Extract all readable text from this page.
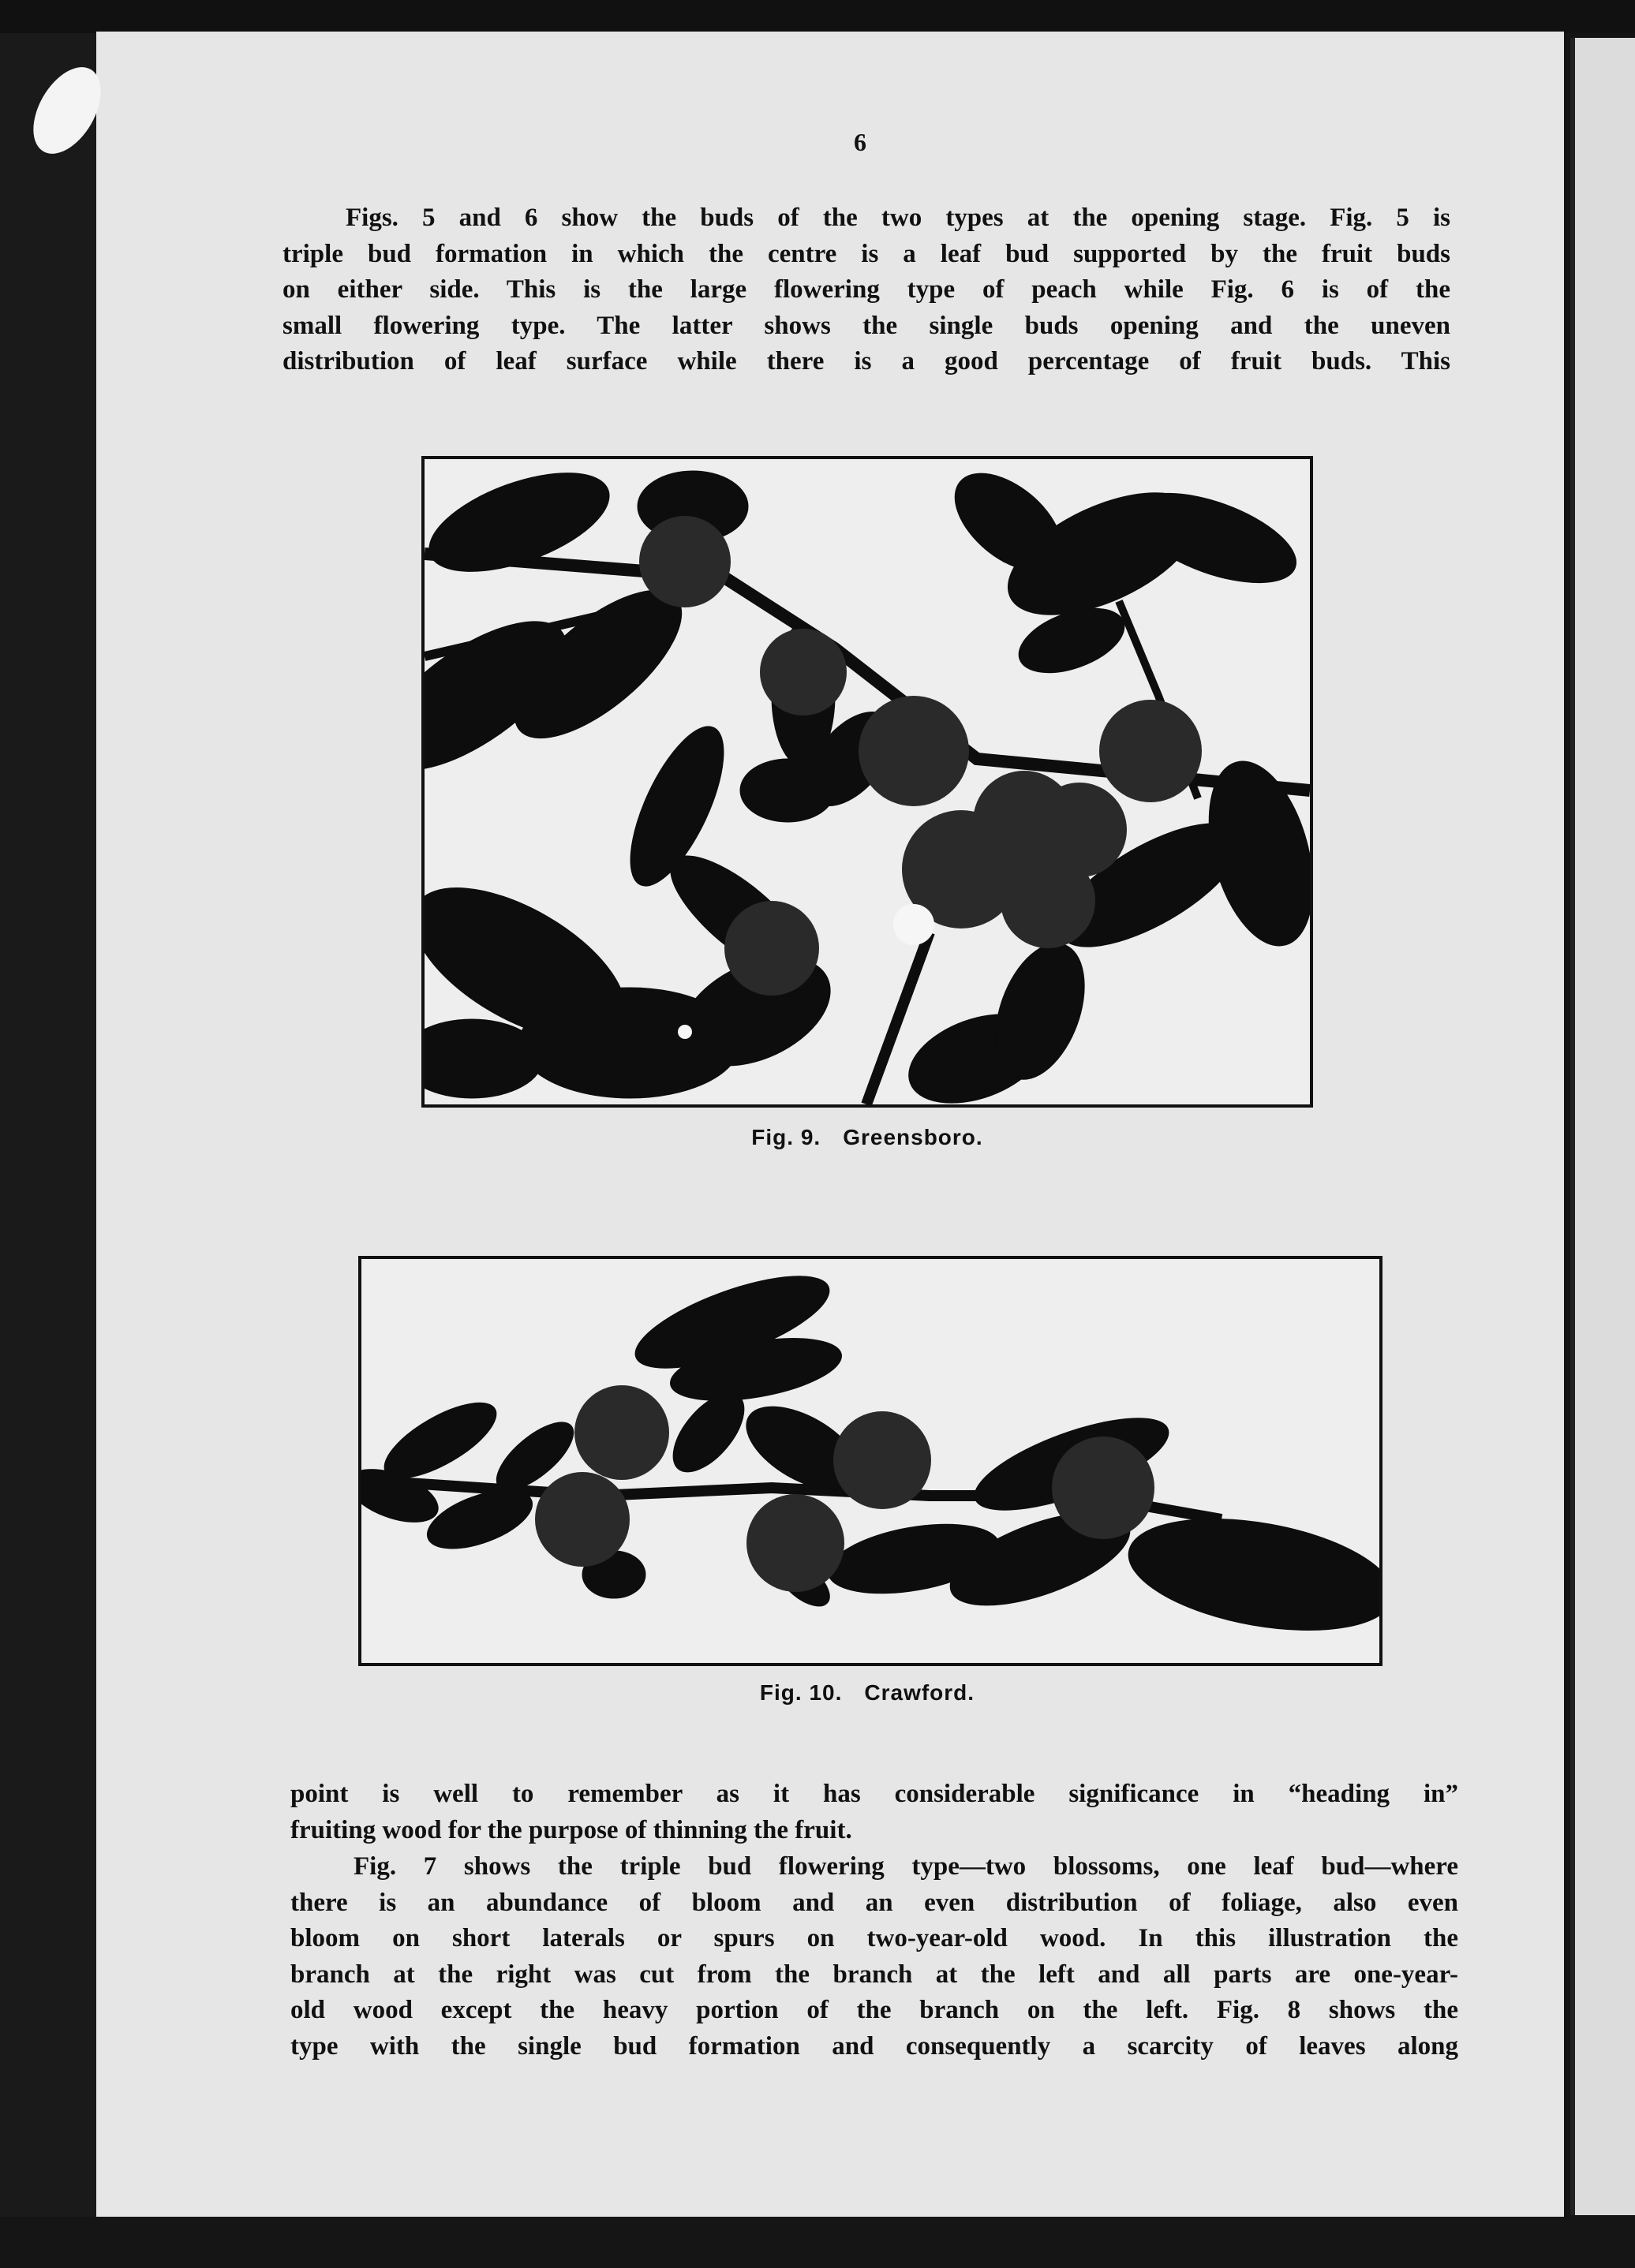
6
Figs. 5 and 6 show the buds of the two types at the opening stage. Fig. 5 is
triple bud formation in which the centre is a leaf bud supported by the fruit buds
on either side. This is the large flowering type of peach while Fig. 6 is of the
small flowering type. The latter shows the single buds opening and the uneven
distribution of leaf surface while there is a good percentage of fruit buds. This
Fig. 9. Greensboro.
Fig. 10. Crawford.
point is well to remember as it has considerable significance in “heading in”
fruiting wood for the purpose of thinning the fruit.
Fig. 7 shows the triple bud flowering type—two blossoms, one leaf bud—where
there is an abundance of bloom and an even distribution of foliage, also even
bloom on short laterals or spurs on two-year-old wood. In this illustration the
branch at the right was cut from the branch at the left and all parts are one-year-
old wood except the heavy portion of the branch on the left. Fig. 8 shows the
type with the single bud formation and consequently a scarcity of leaves along
